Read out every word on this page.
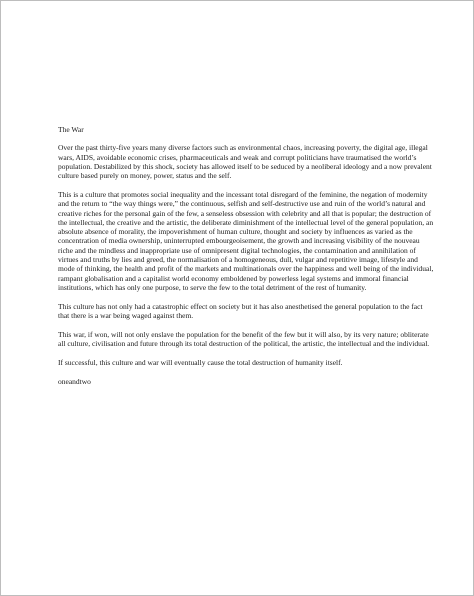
The War

Over the past thirty-five years many diverse factors such as environmental chaos, increasing poverty, the digital age, illegal wars, AIDS, avoidable economic crises, pharmaceuticals and weak and corrupt politicians have traumatised the world’s population. Destabilized by this shock, society has allowed itself to be seduced by a neoliberal ideology and a now prevalent culture based purely on money, power, status and the self.

This is a culture that promotes social inequality and the incessant total disregard of the feminine, the negation of modernity and the return to “the way things were,” the continuous, selfish and self-destructive use and ruin of the world’s natural and creative riches for the personal gain of the few, a senseless obsession with celebrity and all that is popular; the destruction of the intellectual, the creative and the artistic, the deliberate diminishment of the intellectual level of the general population, an absolute absence of morality, the impoverishment of human culture, thought and society by influences as varied as the concentration of media ownership, uninterrupted embourgeoisement, the growth and increasing visibility of the nouveau riche and the mindless and inappropriate use of omnipresent digital technologies, the contamination and annihilation of virtues and truths by lies and greed, the normalisation of a homogeneous, dull, vulgar and repetitive image, lifestyle and mode of thinking, the health and profit of the markets and multinationals over the happiness and well being of the individual, rampant globalisation and a capitalist world economy emboldened by powerless legal systems and immoral financial institutions, which has only one purpose, to serve the few to the total detriment of the rest of humanity.

This culture has not only had a catastrophic effect on society but it has also anesthetised the general population to the fact that there is a war being waged against them.

This war, if won, will not only enslave the population for the benefit of the few but it will also, by its very nature; obliterate all culture, civilisation and future through its total destruction of the political, the artistic, the intellectual and the individual.

If successful, this culture and war will eventually cause the total destruction of humanity itself.

oneandtwo
